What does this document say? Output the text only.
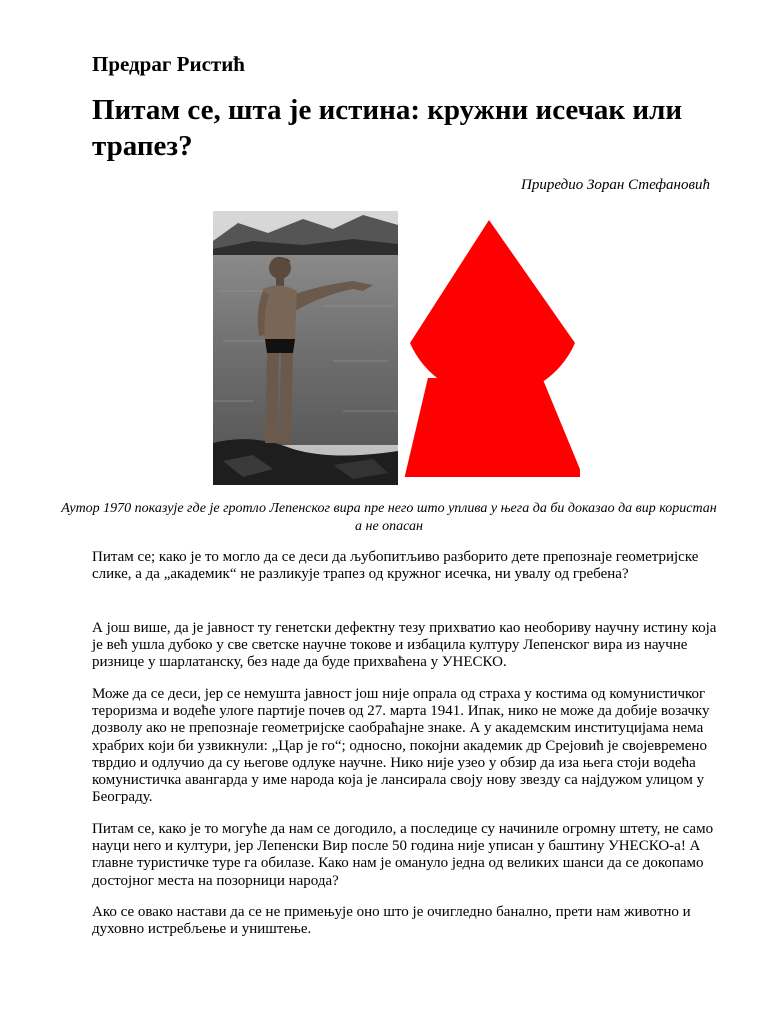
Предраг Ристић
Питам се, шта је истина: кружни исечак или трапез?

Приредио Зоран Стефановић

Аутор 1970 показује где је гротло Лепенског вира пре него што уплива у њега да би доказао да вир користан а не опасан

Питам се; како је то могло да се деси да љубопитљиво разборито дете препознаје геометријске слике, а да „академик“ не разликује трапез од кружног исечка, ни увалу од гребена?

А још више, да је јавност ту генетски дефектну тезу прихватио као необориву научну истину која је већ ушла дубоко у све светске научне токове и избацила културу Лепенског вира из научне ризнице у шарлатанску, без наде да буде прихваћена у УНЕСКО.

Може да се деси, јер се немушта јавност још није опрала од страха у костима од комунистичког тероризма и водеће улоге партије почев од 27. марта 1941. Ипак, нико не може да добије возачку дозволу ако не препознаје геометријске саобраћајне знаке. А у академским институцијама нема храбрих који би узвикнули: „Цар је го“; односно, покојни академик др Срејовић је својевремено тврдио и одлучио да су његове одлуке научне. Нико није узео у обзир да иза њега стоји водећа комунистичка авангарда у име народа која је лансирала своју нову звезду са најдужом улицом у Београду.

Питам се, како је то могуће да нам се догодило, а последице су начиниле огромну штету, не само науци него и култури, јер Лепенски Вир после 50 година није уписан у баштину УНЕСКО-а! А главне туристичке туре га обилазе. Како нам је омануло једна од великих шанси да се докопамо достојног места на позорници народа?

Ако се овако настави да се не примењује оно што је очигледно банално, прети нам животно и духовно истребљење и уништење.
